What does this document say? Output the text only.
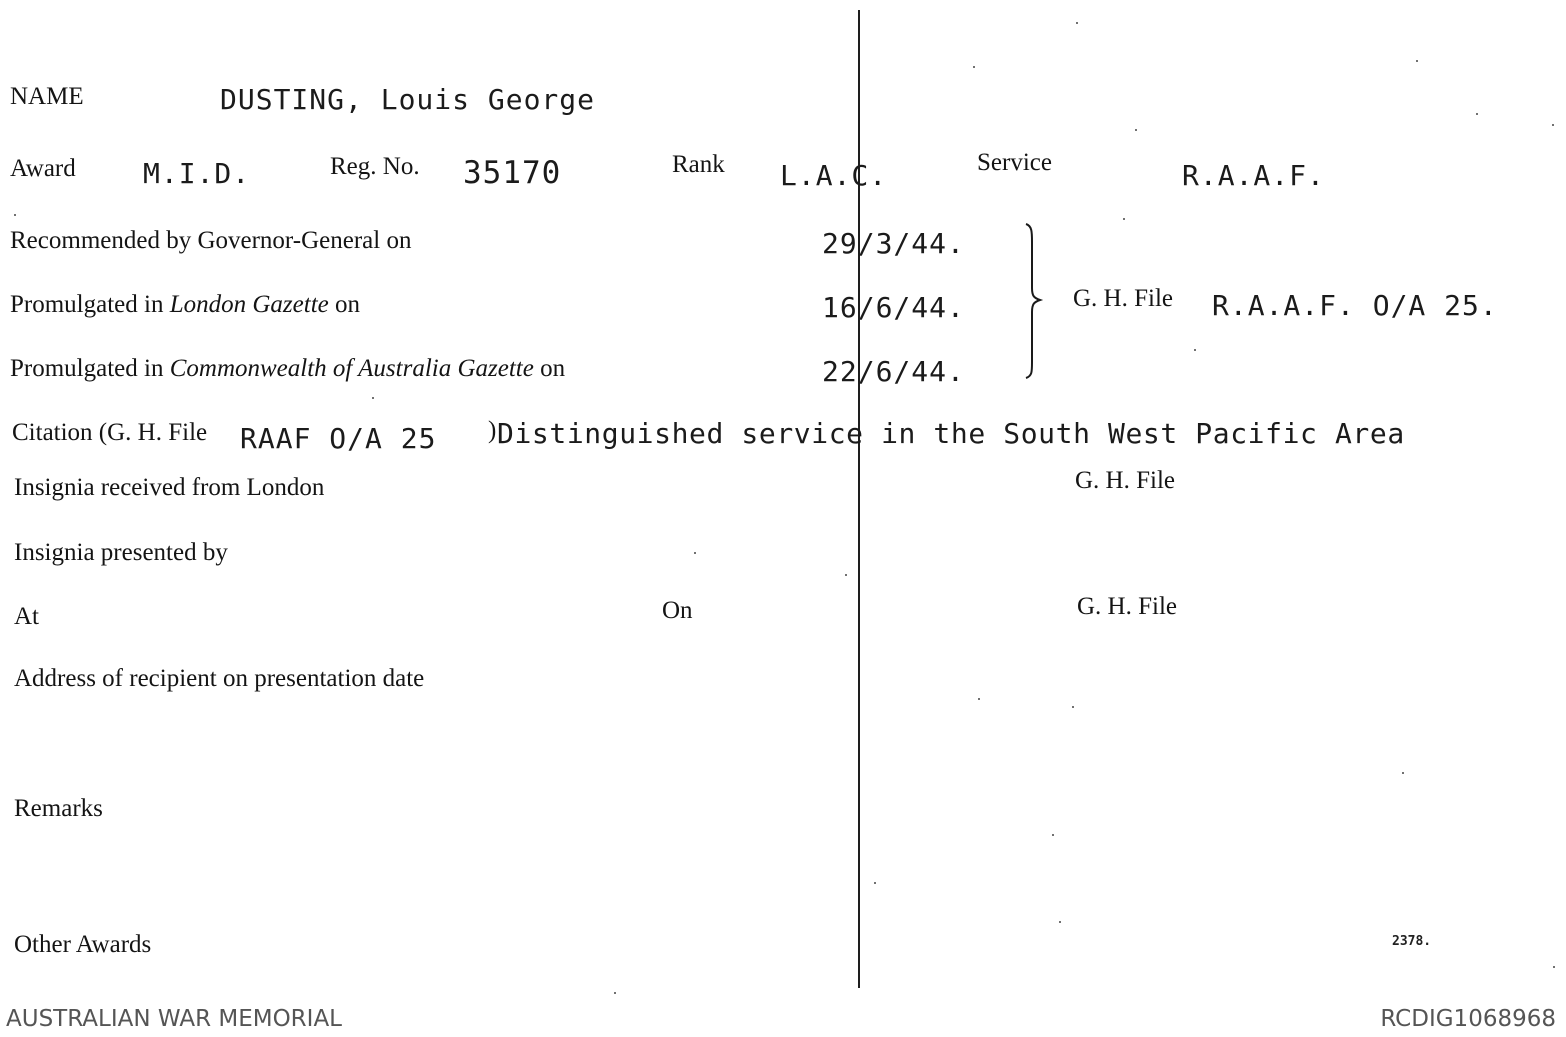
NAME	DUSTING, Louis George
Award M.I.D.	Reg. No. 35170	Rank L.A.C.	Service	R.A.A.F.
Recommended by Governor-General on	29/3/44.
Promulgated in London Gazette on	16/6/44.
Promulgated in Commonwealth of Australia Gazette on	22/6/44.
G. H. File R.A.A.F. O/A 25.
Citation (G. H. File RAAF O/A 25 ) Distinguished service in the South West Pacific Area
Insignia received from London	G. H. File
Insignia presented by
At	On	G. H. File
Address of recipient on presentation date
Remarks
Other Awards	2378.
AUSTRALIAN WAR MEMORIAL	RCDIG1068968
